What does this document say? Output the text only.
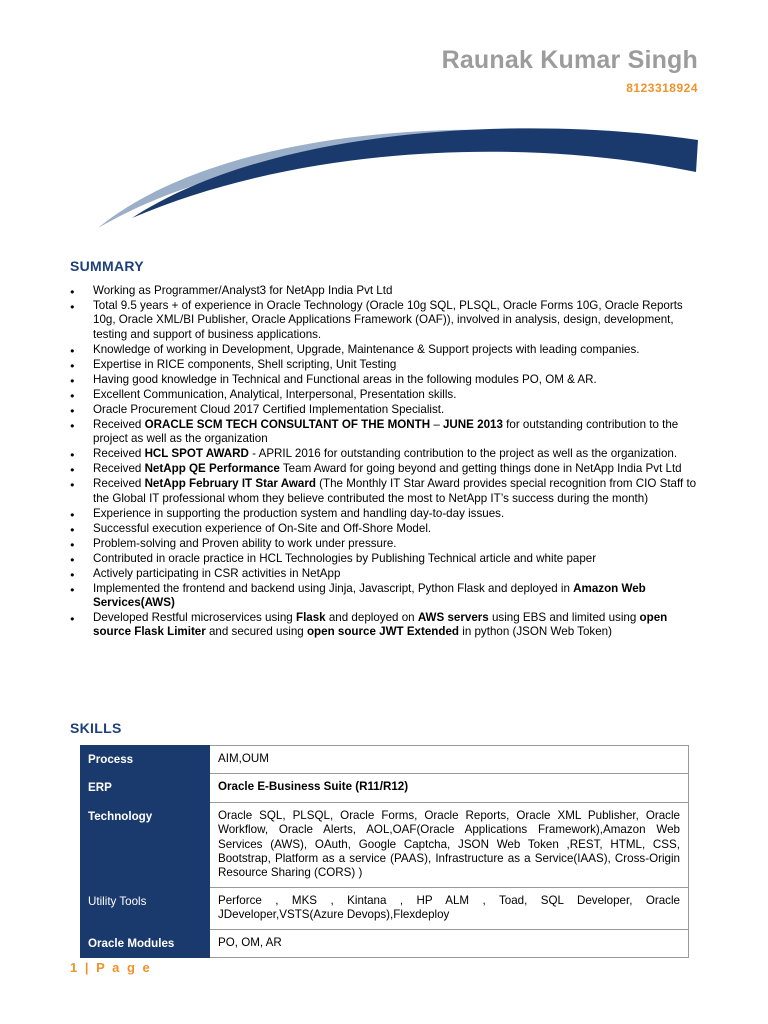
Raunak Kumar Singh
8123318924
SUMMARY
● Working as Programmer/Analyst3 for NetApp India Pvt Ltd
● Total 9.5 years + of experience in Oracle Technology (Oracle 10g SQL, PLSQL, Oracle Forms 10G, Oracle Reports 10g, Oracle XML/BI Publisher, Oracle Applications Framework (OAF)), involved in analysis, design, development, testing and support of business applications.
● Knowledge of working in Development, Upgrade, Maintenance & Support projects with leading companies.
● Expertise in RICE components, Shell scripting, Unit Testing
● Having good knowledge in Technical and Functional areas in the following modules PO, OM & AR.
● Excellent Communication, Analytical, Interpersonal, Presentation skills.
● Oracle Procurement Cloud 2017 Certified Implementation Specialist.
● Received ORACLE SCM TECH CONSULTANT OF THE MONTH – JUNE 2013 for outstanding contribution to the project as well as the organization
● Received HCL SPOT AWARD - APRIL 2016 for outstanding contribution to the project as well as the organization.
● Received NetApp QE Performance Team Award for going beyond and getting things done in NetApp India Pvt Ltd
● Received NetApp February IT Star Award (The Monthly IT Star Award provides special recognition from CIO Staff to the Global IT professional whom they believe contributed the most to NetApp IT’s success during the month)
● Experience in supporting the production system and handling day-to-day issues.
● Successful execution experience of On-Site and Off-Shore Model.
● Problem-solving and Proven ability to work under pressure.
● Contributed in oracle practice in HCL Technologies by Publishing Technical article and white paper
● Actively participating in CSR activities in NetApp
● Implemented the frontend and backend using Jinja, Javascript, Python Flask and deployed in Amazon Web Services(AWS)
● Developed Restful microservices using Flask and deployed on AWS servers using EBS and limited using open source Flask Limiter and secured using open source JWT Extended in python (JSON Web Token)
SKILLS
Process	AIM,OUM
ERP	Oracle E-Business Suite (R11/R12)
Technology	Oracle SQL, PLSQL, Oracle Forms, Oracle Reports, Oracle XML Publisher, Oracle Workflow, Oracle Alerts, AOL,OAF(Oracle Applications Framework),Amazon Web Services (AWS), OAuth, Google Captcha, JSON Web Token ,REST, HTML, CSS, Bootstrap, Platform as a service (PAAS), Infrastructure as a Service(IAAS), Cross-Origin Resource Sharing (CORS) )
Utility Tools	Perforce , MKS , Kintana , HP ALM , Toad, SQL Developer, Oracle JDeveloper,VSTS(Azure Devops),Flexdeploy
Oracle Modules	PO, OM, AR
1 | P a g e
